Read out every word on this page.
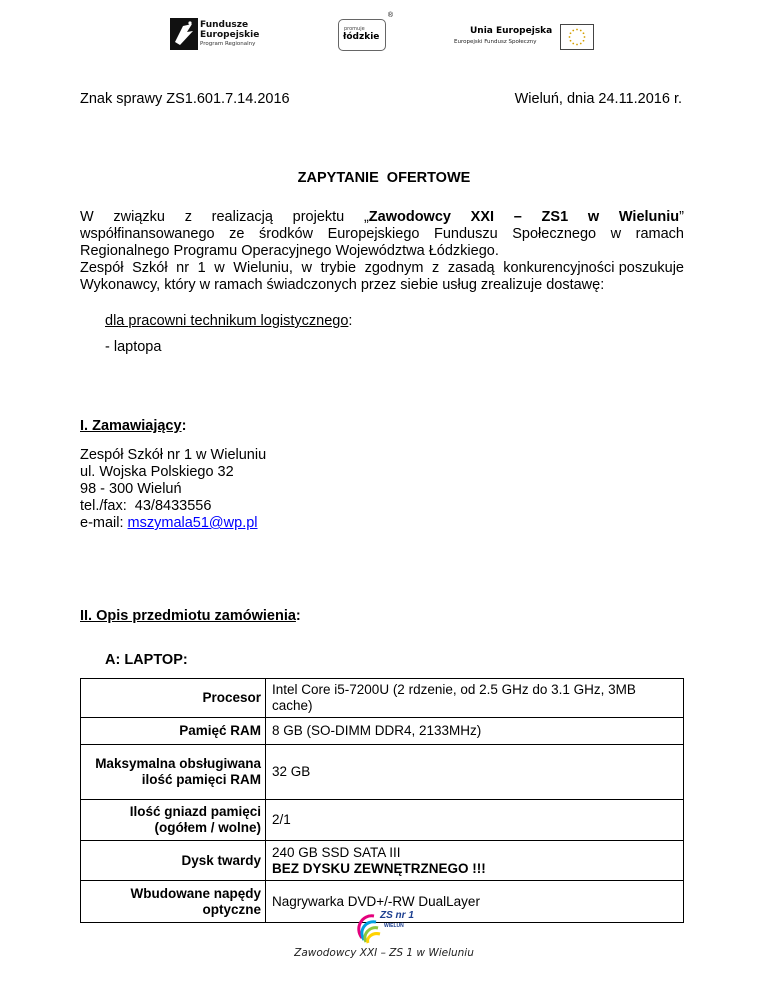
Fundusze
Europejskie
Program Regionalny
promuje
łódzkie
®
Unia Europejska
Europejski Fundusz Społeczny
Znak sprawy ZS1.601.7.14.2016	Wieluń, dnia 24.11.2016 r.
ZAPYTANIE  OFERTOWE
W  związku  z  realizacją  projektu  „Zawodowcy  XXI  –  ZS1  w  Wieluniu”  współfinansowanego ze środków Europejskiego Funduszu Społecznego w ramach Regionalnego Programu Operacyjnego Województwa Łódzkiego.
Zespół  Szkół  nr  1  w  Wieluniu,  w  trybie  zgodnym  z  zasadą  konkurencyjności poszukuje Wykonawcy, który w ramach świadczonych przez siebie usług zrealizuje dostawę:
dla pracowni technikum logistycznego:
- laptopa
I. Zamawiający:
Zespół Szkół nr 1 w Wieluniu
ul. Wojska Polskiego 32
98 - 300 Wieluń
tel./fax:  43/8433556
e-mail: mszymala51@wp.pl
II. Opis przedmiotu zamówienia:
A: LAPTOP:
Procesor	Intel Core i5-7200U (2 rdzenie, od 2.5 GHz do 3.1 GHz, 3MB cache)
Pamięć RAM	8 GB (SO-DIMM DDR4, 2133MHz)
Maksymalna obsługiwana ilość pamięci RAM	32 GB
Ilość gniazd pamięci (ogółem / wolne)	2/1
Dysk twardy	240 GB SSD SATA III
BEZ DYSKU ZEWNĘTRZNEGO !!!

Wbudowane napędy optyczne	Nagrywarka DVD+/-RW DualLayer
ZS nr 1
WIELUŃ
Zawodowcy XXI – ZS 1 w Wieluniu
